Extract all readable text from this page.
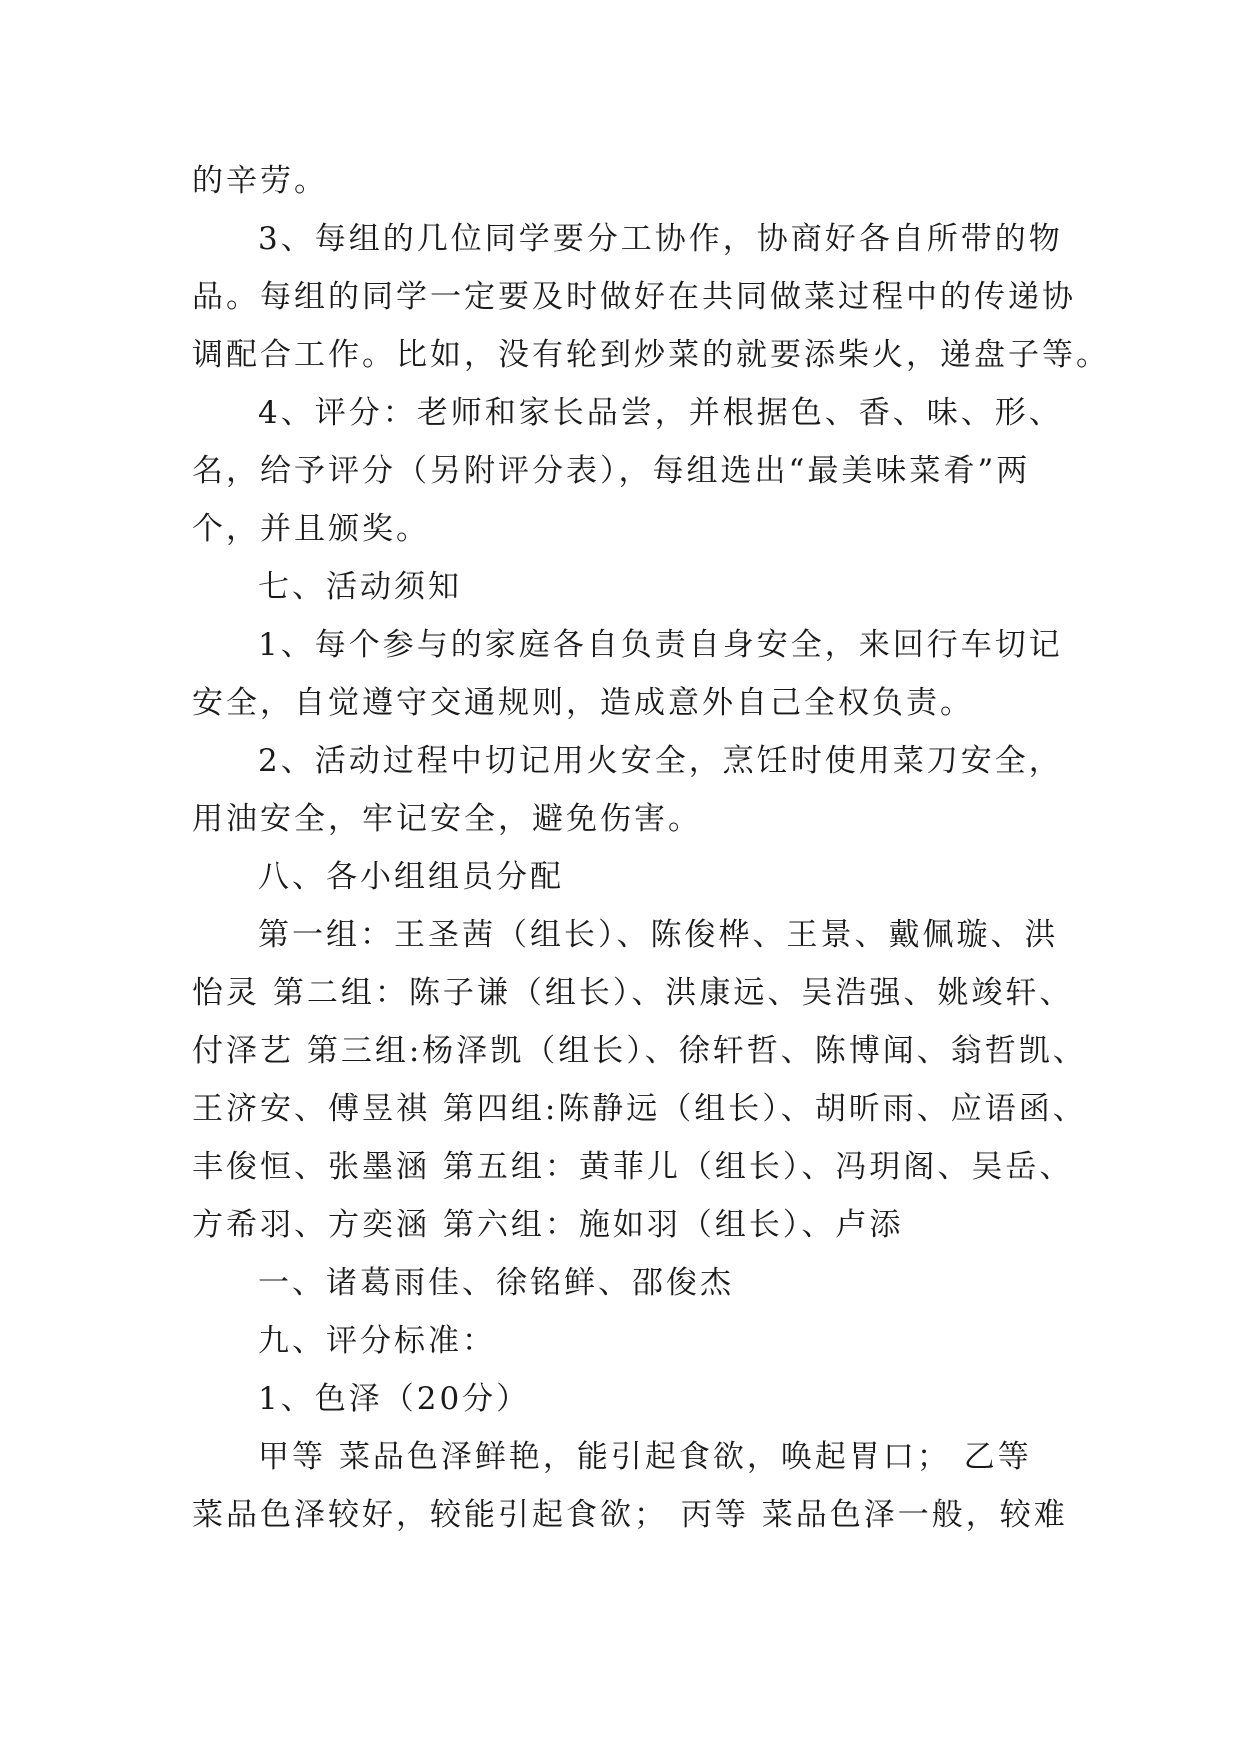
的辛劳。

3、每组的几位同学要分工协作，协商好各自所带的物

品。每组的同学一定要及时做好在共同做菜过程中的传递协

调配合工作。比如，没有轮到炒菜的就要添柴火，递盘子等。

4、评分：老师和家长品尝，并根据色、香、味、形、

名，给予评分（另附评分表），每组选出“最美味菜肴”两

个，并且颁奖。

七、活动须知

1、每个参与的家庭各自负责自身安全，来回行车切记

安全，自觉遵守交通规则，造成意外自己全权负责。

2、活动过程中切记用火安全，烹饪时使用菜刀安全，

用油安全，牢记安全，避免伤害。

八、各小组组员分配

第一组：王圣茜（组长）、陈俊桦、王景、戴佩璇、洪

怡灵 第二组：陈子谦（组长）、洪康远、吴浩强、姚竣轩、

付泽艺 第三组:杨泽凯（组长）、徐轩哲、陈博闻、翁哲凯、

王济安、傅昱祺 第四组:陈静远（组长）、胡昕雨、应语函、

丰俊恒、张墨涵 第五组：黄菲儿（组长）、冯玥阁、吴岳、

方希羽、方奕涵 第六组：施如羽（组长）、卢添

一、诸葛雨佳、徐铭鲜、邵俊杰

九、评分标准：

1、色泽（20分）

甲等 菜品色泽鲜艳，能引起食欲，唤起胃口； 乙等

菜品色泽较好，较能引起食欲； 丙等 菜品色泽一般，较难
